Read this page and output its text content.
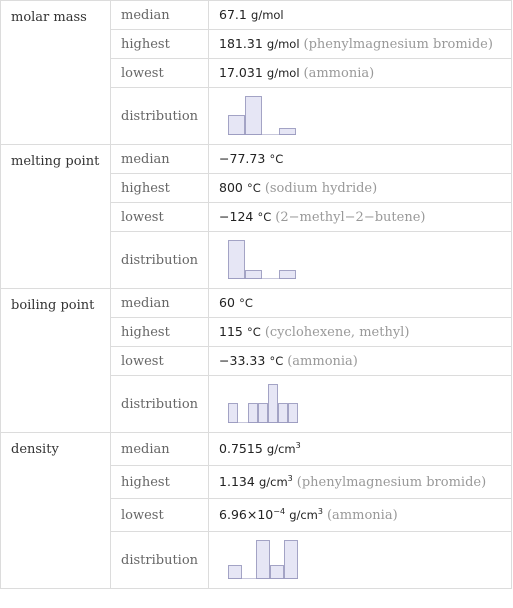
molar mass	median	67.1 g/mol
	highest	181.31 g/mol (phenylmagnesium bromide)
	lowest	17.031 g/mol (ammonia)
	distribution	

melting point	median	−77.73 °C
	highest	800 °C (sodium hydride)
	lowest	−124 °C (2−methyl−2−butene)
	distribution	

boiling point	median	60 °C
	highest	115 °C (cyclohexene, methyl)
	lowest	−33.33 °C (ammonia)
	distribution	

density	median	0.7515 $g/cm^3$
	highest	1.134 $g/cm^3$ (phenylmagnesium bromide)
	lowest	$6.96\times 10^{-4}$ $g/cm^3$ (ammonia)
	distribution	
